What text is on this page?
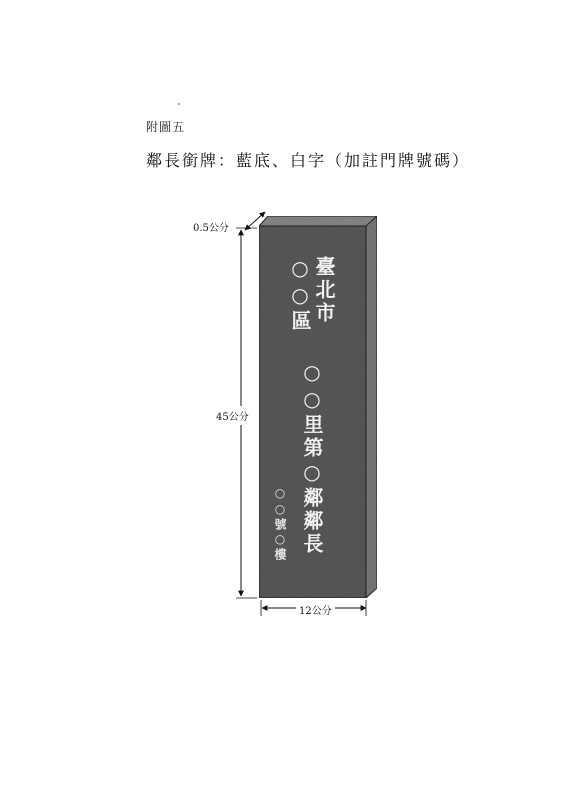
附圖五
鄰長銜牌：藍底、白字（加註門牌號碼）
臺北市
○○區
○○里第○鄰鄰長
○○號○樓
0.5公分
45公分
12公分
